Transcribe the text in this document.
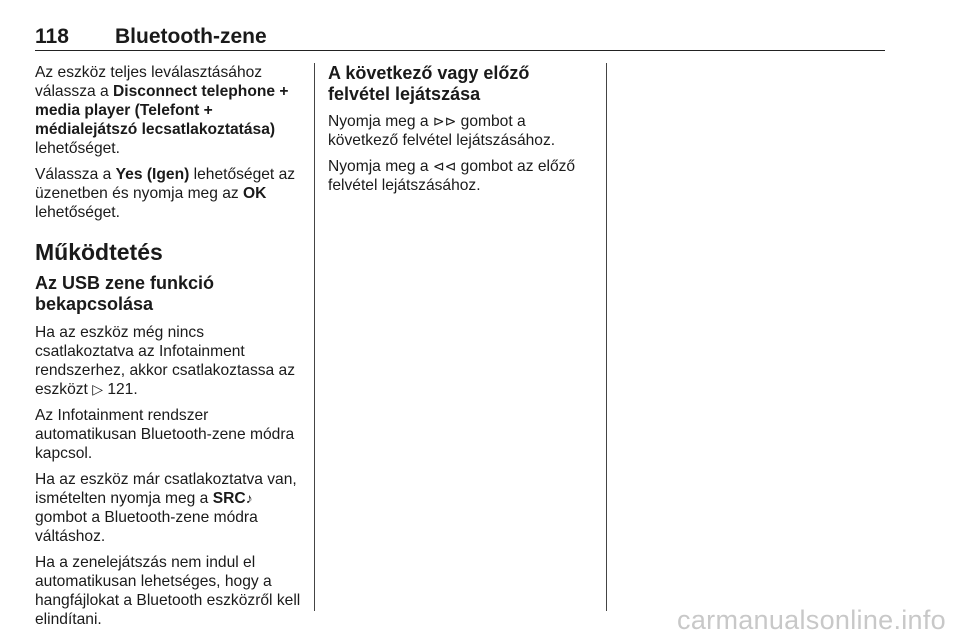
118 Bluetooth-zene

Az eszköz teljes leválasztásához válassza a Disconnect telephone + media player (Telefont + médialejátszó lecsatlakoztatása) lehetőséget.

Válassza a Yes (Igen) lehetőséget az üzenetben és nyomja meg az OK lehetőséget.

Működtetés
Az USB zene funkció bekapcsolása

Ha az eszköz még nincs csatlakoztatva az Infotainment rendszerhez, akkor csatlakoztassa az eszközt ▷ 121.

Az Infotainment rendszer automatikusan Bluetooth-zene módra kapcsol.

Ha az eszköz már csatlakoztatva van, ismételten nyomja meg a SRC♪ gombot a Bluetooth-zene módra váltáshoz.

Ha a zenelejátszás nem indul el automatikusan lehetséges, hogy a hangfájlokat a Bluetooth eszközről kell elindítani.

A következő vagy előző felvétel lejátszása

Nyomja meg a ⊳⊳ gombot a következő felvétel lejátszásához.

Nyomja meg a ⊲⊲ gombot az előző felvétel lejátszásához.

carmanualsonline.info
